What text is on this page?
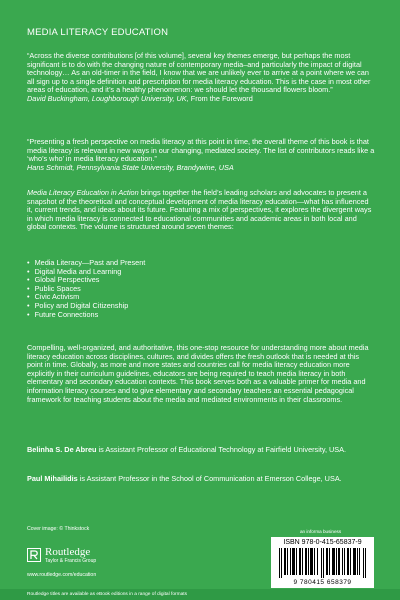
MEDIA LITERACY EDUCATION

“Across the diverse contributions [of this volume], several key themes emerge, but perhaps the most significant is to do with the changing nature of contemporary media–and particularly the impact of digital technology… As an old-timer in the field, I know that we are unlikely ever to arrive at a point where we can all sign up to a single definition and prescription for media literacy education. This is the case in most other areas of education, and it’s a healthy phenomenon: we should let the thousand flowers bloom.”
David Buckingham, Loughborough University, UK, From the Foreword

“Presenting a fresh perspective on media literacy at this point in time, the overall theme of this book is that media literacy is relevant in new ways in our changing, mediated society. The list of contributors reads like a ‘who’s who’ in media literacy education.”
Hans Schmidt, Pennsylvania State University, Brandywine, USA

Media Literacy Education in Action brings together the field’s leading scholars and advocates to present a snapshot of the theoretical and conceptual development of media literacy education—what has influenced it, current trends, and ideas about its future. Featuring a mix of perspectives, it explores the divergent ways in which media literacy is connected to educational communities and academic areas in both local and global contexts. The volume is structured around seven themes:

• Media Literacy—Past and Present
• Digital Media and Learning
• Global Perspectives
• Public Spaces
• Civic Activism
• Policy and Digital Citizenship
• Future Connections

Compelling, well-organized, and authoritative, this one-stop resource for understanding more about media literacy education across disciplines, cultures, and divides offers the fresh outlook that is needed at this point in time. Globally, as more and more states and countries call for media literacy education more explicitly in their curriculum guidelines, educators are being required to teach media literacy in both elementary and secondary education contexts. This book serves both as a valuable primer for media and information literacy courses and to give elementary and secondary teachers an essential pedagogical framework for teaching students about the media and mediated environments in their classrooms.

Belinha S. De Abreu is Assistant Professor of Educational Technology at Fairfield University, USA.

Paul Mihailidis is Assistant Professor in the School of Communication at Emerson College, USA.

Cover image: © Thinkstock
Routledge
Taylor & Francis Group
www.routledge.com/education
an informa business
ISBN 978-0-415-65837-9
9 780415 658379
Routledge titles are available as eBook editions in a range of digital formats
